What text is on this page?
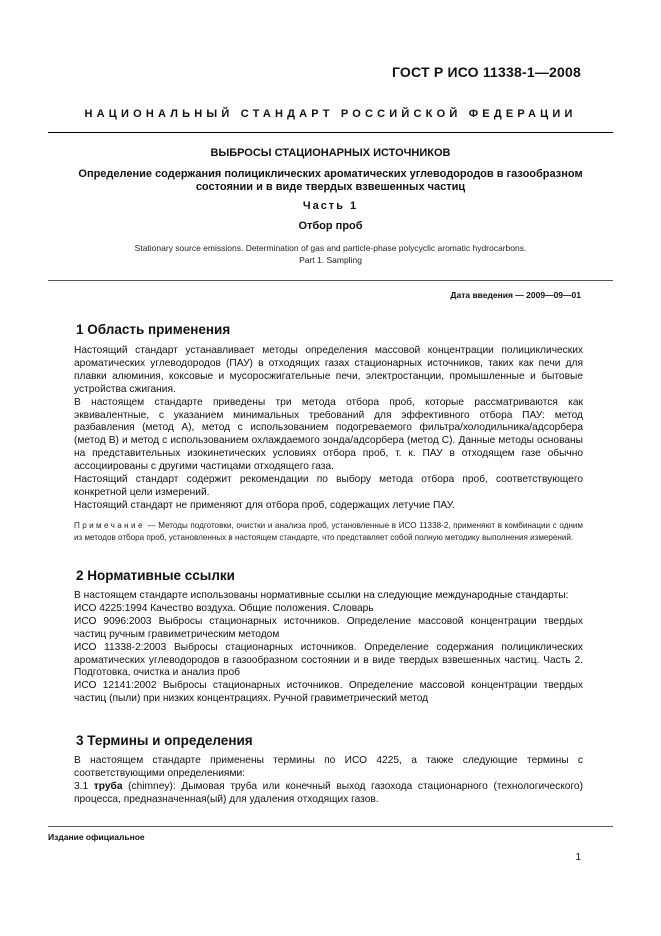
ГОСТ Р ИСО 11338-1—2008
НАЦИОНАЛЬНЫЙ СТАНДАРТ РОССИЙСКОЙ ФЕДЕРАЦИИ
ВЫБРОСЫ СТАЦИОНАРНЫХ ИСТОЧНИКОВ
Определение содержания полициклических ароматических углеводородов в газообразном
состоянии и в виде твердых взвешенных частиц
Часть 1
Отбор проб
Stationary source emissions. Determination of gas and particle-phase polycyclic aromatic hydrocarbons.
Part 1. Sampling
Дата введения — 2009—09—01
1 Область применения
Настоящий стандарт устанавливает методы определения массовой концентрации полициклических ароматических углеводородов (ПАУ) в отходящих газах стационарных источников, таких как печи для плавки алюминия, коксовые и мусоросжигательные печи, электростанции, промышленные и бытовые устройства сжигания.
В настоящем стандарте приведены три метода отбора проб, которые рассматриваются как эквивалентные, с указанием минимальных требований для эффективного отбора ПАУ: метод разбавления (метод А), метод с использованием подогреваемого фильтра/холодильника/адсорбера (метод В) и метод с использованием охлаждаемого зонда/адсорбера (метод С). Данные методы основаны на представительных изокинетических условиях отбора проб, т. к. ПАУ в отходящем газе обычно ассоциированы с другими частицами отходящего газа.
Настоящий стандарт содержит рекомендации по выбору метода отбора проб, соответствующего конкретной цели измерений.
Настоящий стандарт не применяют для отбора проб, содержащих летучие ПАУ.
Примечание — Методы подготовки, очистки и анализа проб, установленные в ИСО 11338-2, применяют в комбинации с одним из методов отбора проб, установленных в настоящем стандарте, что представляет собой полную методику выполнения измерений.
2 Нормативные ссылки
В настоящем стандарте использованы нормативные ссылки на следующие международные стандарты:
ИСО 4225:1994 Качество воздуха. Общие положения. Словарь
ИСО 9096:2003 Выбросы стационарных источников. Определение массовой концентрации твердых частиц ручным гравиметрическим методом
ИСО 11338-2:2003 Выбросы стационарных источников. Определение содержания полициклических ароматических углеводородов в газообразном состоянии и в виде твердых взвешенных частиц. Часть 2. Подготовка, очистка и анализ проб
ИСО 12141:2002 Выбросы стационарных источников. Определение массовой концентрации твердых частиц (пыли) при низких концентрациях. Ручной гравиметрический метод
3 Термины и определения
В настоящем стандарте применены термины по ИСО 4225, а также следующие термины с соответствующими определениями:
3.1 труба (chimney): Дымовая труба или конечный выход газохода стационарного (технологического) процесса, предназначенная(ый) для удаления отходящих газов.
Издание официальное
1
